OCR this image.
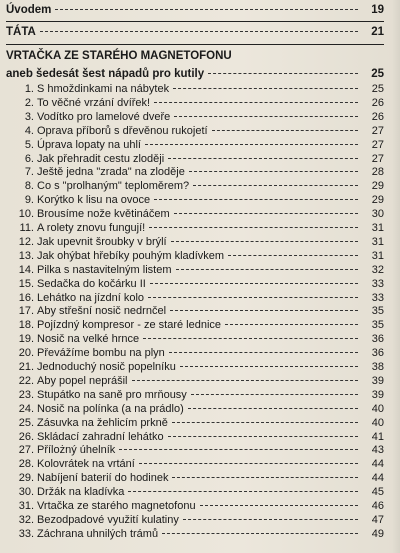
Úvodem	19
TÁTA	21
VRTAČKA ZE STARÉHO MAGNETOFONU
aneb šedesát šest nápadů pro kutily	25
1. S hmoždinkami na nábytek	25
2. To věčné vrzání dvířek!	26
3. Vodítko pro lamelové dveře	26
4. Oprava příborů s dřevěnou rukojetí	27
5. Úprava lopaty na uhlí	27
6. Jak přehradit cestu zloději	27
7. Ještě jedna "zrada" na zloděje	28
8. Co s "prolhaným" teploměrem?	29
9. Korýtko k lisu na ovoce	29
10. Brousíme nože květináčem	30
11. A rolety znovu fungují!	31
12. Jak upevnit šroubky v brýlí	31
13. Jak ohýbat hřebíky pouhým kladívkem	31
14. Pilka s nastavitelným listem	32
15. Sedačka do kočárku II	33
16. Lehátko na jízdní kolo	33
17. Aby střešní nosič nedrnčel	35
18. Pojízdný kompresor - ze staré lednice	35
19. Nosič na velké hrnce	36
20. Převážíme bombu na plyn	36
21. Jednoduchý nosič popelníku	38
22. Aby popel neprášil	39
23. Stupátko na saně pro mrňousy	39
24. Nosič na polínka (a na prádlo)	40
25. Zásuvka na žehlicím prkně	40
26. Skládací zahradní lehátko	41
27. Přílożný úhelník	43
28. Kolovrátek na vrtání	44
29. Nabíjení baterií do hodinek	44
30. Držák na kladívka	45
31. Vrtačka ze starého magnetofonu	46
32. Bezodpadové využití kulatiny	47
33. Záchrana uhnilých trámů	49
